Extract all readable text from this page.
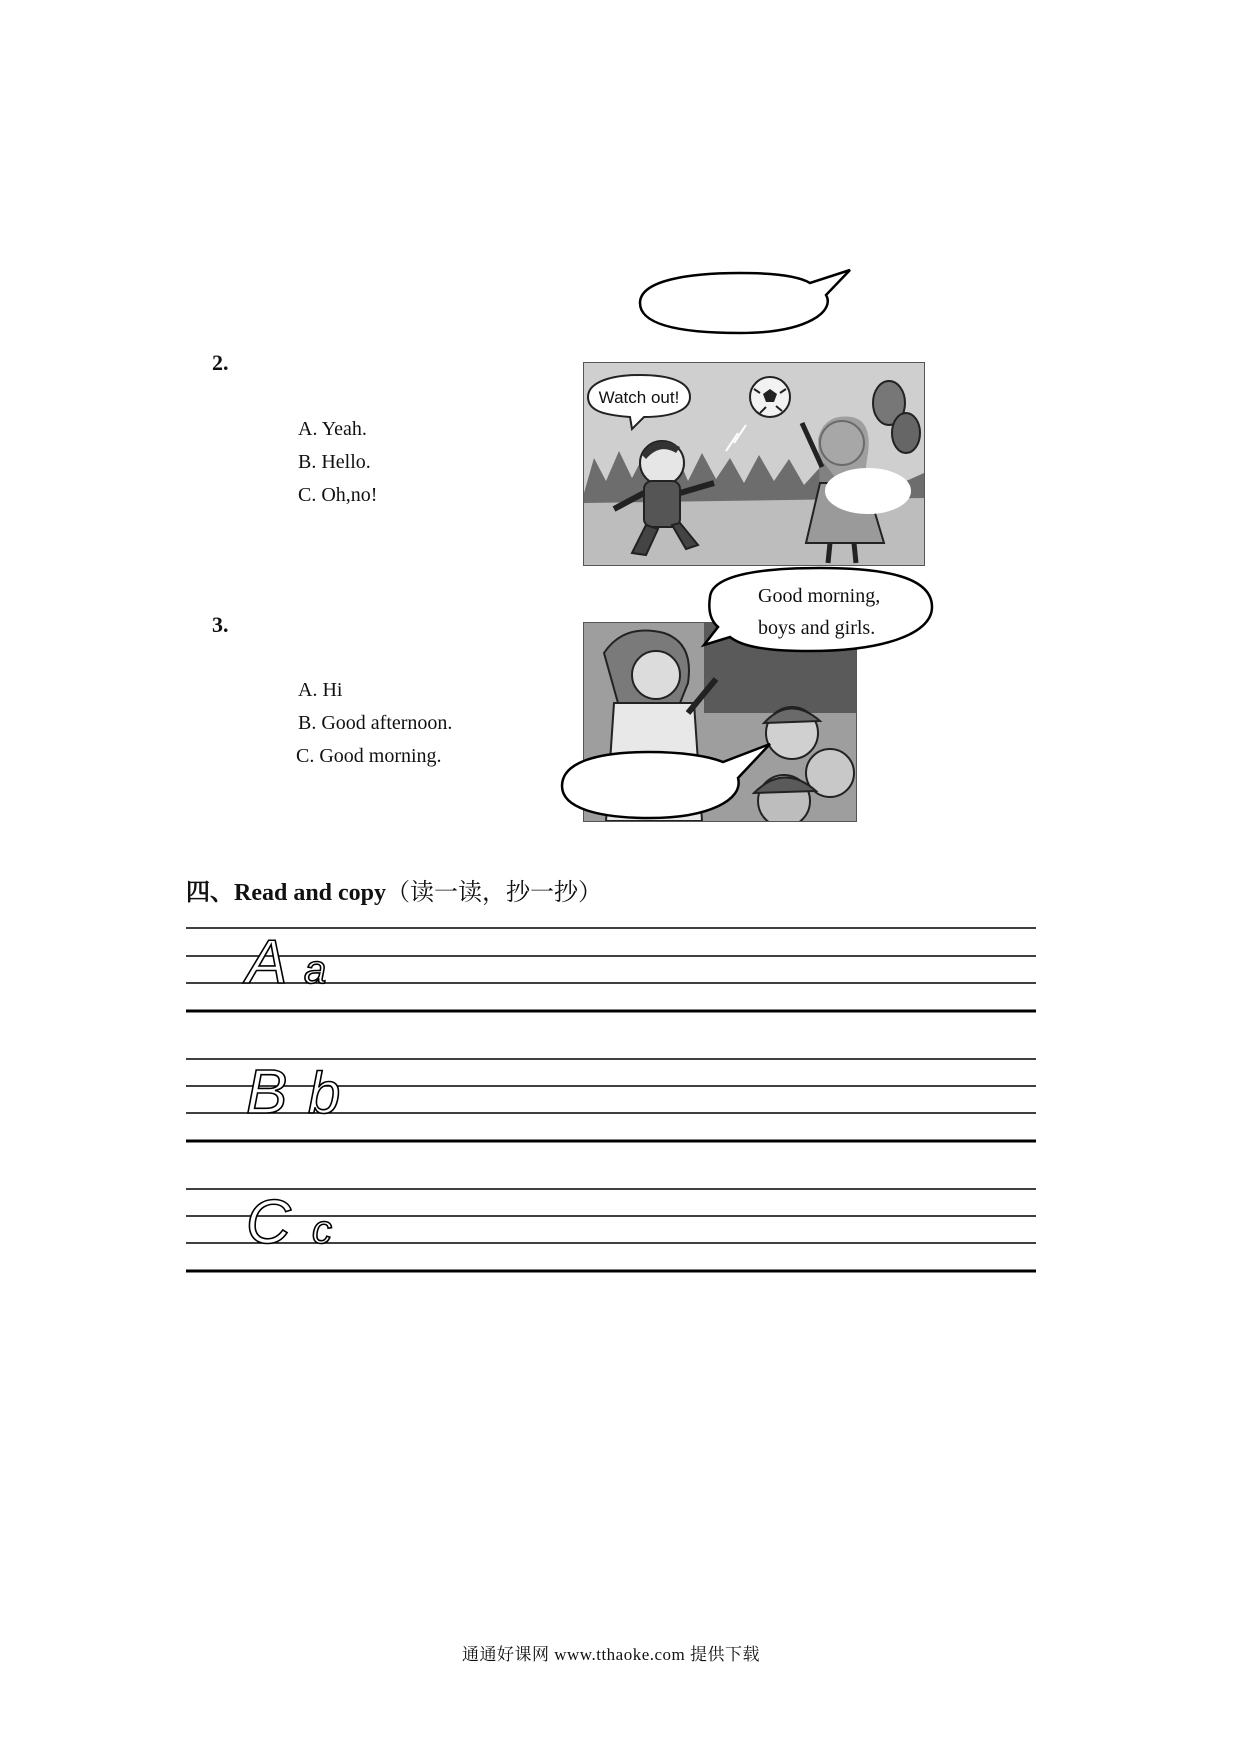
2.
A. Yeah.
B. Hello.
C. Oh,no!
Watch out!
3.
A. Hi
B. Good afternoon.
C. Good morning.
Good morning,
boys and girls.
四、Read and copy（读一读，抄一抄）
A a
B b
C c
通通好课网 www.tthaoke.com 提供下载
